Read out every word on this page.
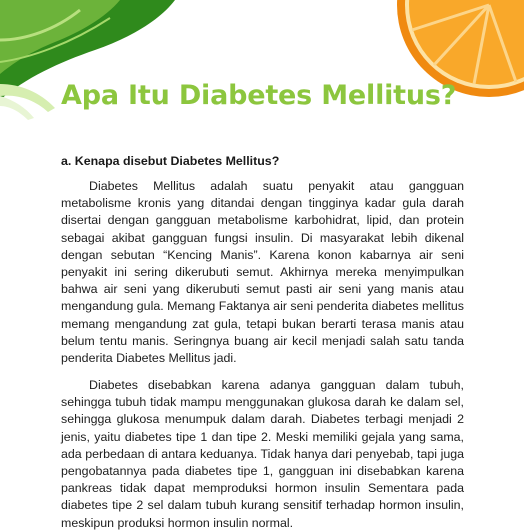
Apa Itu Diabetes Mellitus?
a. Kenapa disebut Diabetes Mellitus?

Diabetes Mellitus adalah suatu penyakit atau gangguan metabolisme kronis yang ditandai dengan tingginya kadar gula darah disertai dengan gangguan metabolisme karbohidrat, lipid, dan protein sebagai akibat gangguan fungsi insulin. Di masyarakat lebih dikenal dengan sebutan “Kencing Manis”. Karena konon kabarnya air seni penyakit ini sering dikerubuti semut. Akhirnya mereka menyimpulkan bahwa air seni yang dikerubuti semut pasti air seni yang manis atau mengandung gula. Memang Faktanya air seni penderita diabetes mellitus memang mengandung zat gula, tetapi bukan berarti terasa manis atau belum tentu manis. Seringnya buang air kecil menjadi salah satu tanda penderita Diabetes Mellitus jadi.

Diabetes disebabkan karena adanya gangguan dalam tubuh, sehingga tubuh tidak mampu menggunakan glukosa darah ke dalam sel, sehingga glukosa menumpuk dalam darah. Diabetes terbagi menjadi 2 jenis, yaitu diabetes tipe 1 dan tipe 2. Meski memiliki gejala yang sama, ada perbedaan di antara keduanya. Tidak hanya dari penyebab, tapi juga pengobatannya pada diabetes tipe 1, gangguan ini disebabkan karena pankreas tidak dapat memproduksi hormon insulin Sementara pada diabetes tipe 2 sel dalam tubuh kurang sensitif terhadap hormon insulin, meskipun produksi hormon insulin normal.
